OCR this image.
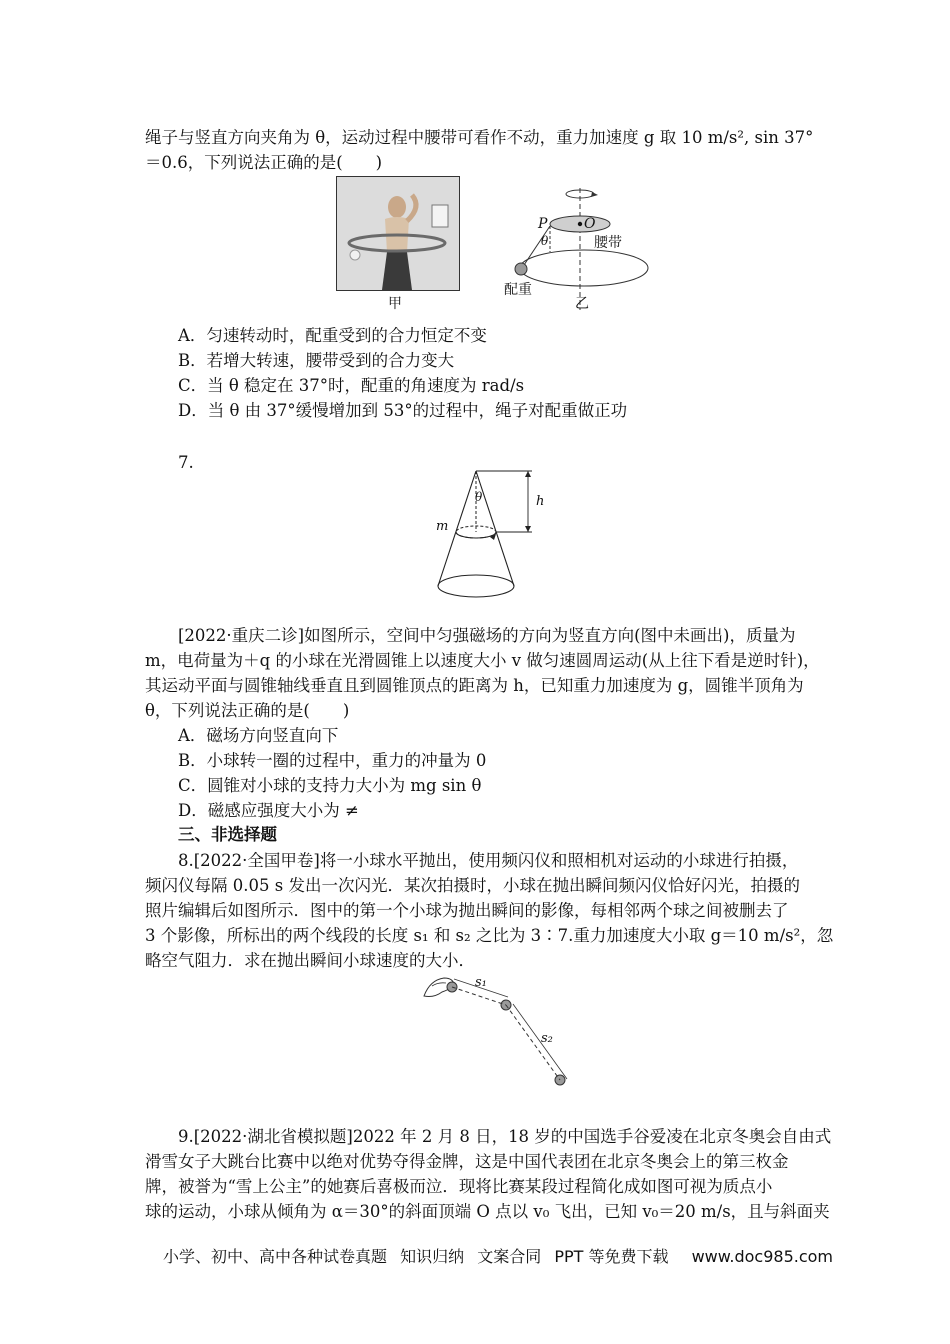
绳子与竖直方向夹角为 θ，运动过程中腰带可看作不动，重力加速度 g 取 10 m/s², sin 37°
＝0.6，下列说法正确的是(　　)
甲
P	O
θ	腰带
配重
乙
A．匀速转动时，配重受到的合力恒定不变
B．若增大转速，腰带受到的合力变大
C．当 θ 稳定在 37°时，配重的角速度为 rad/s
D．当 θ 由 37°缓慢增加到 53°的过程中，绳子对配重做正功
7.
θ	h
m
[2022·重庆二诊]如图所示，空间中匀强磁场的方向为竖直方向(图中未画出)，质量为
m，电荷量为＋q 的小球在光滑圆锥上以速度大小 v 做匀速圆周运动(从上往下看是逆时针)，
其运动平面与圆锥轴线垂直且到圆锥顶点的距离为 h，已知重力加速度为 g，圆锥半顶角为
θ，下列说法正确的是(　　)
A．磁场方向竖直向下
B．小球转一圈的过程中，重力的冲量为 0
C．圆锥对小球的支持力大小为 mg sin θ
D．磁感应强度大小为 ≠
三、非选择题
8.[2022·全国甲卷]将一小球水平抛出，使用频闪仪和照相机对运动的小球进行拍摄，
频闪仪每隔 0.05 s 发出一次闪光．某次拍摄时，小球在抛出瞬间频闪仪恰好闪光，拍摄的
照片编辑后如图所示．图中的第一个小球为抛出瞬间的影像，每相邻两个球之间被删去了
3 个影像，所标出的两个线段的长度 s₁ 和 s₂ 之比为 3∶7.重力加速度大小取 g＝10 m/s²，忽
略空气阻力．求在抛出瞬间小球速度的大小．
s₁
s₂
9.[2022·湖北省模拟题]2022 年 2 月 8 日，18 岁的中国选手谷爱凌在北京冬奥会自由式
滑雪女子大跳台比赛中以绝对优势夺得金牌，这是中国代表团在北京冬奥会上的第三枚金
牌，被誉为“雪上公主”的她赛后喜极而泣．现将比赛某段过程简化成如图可视为质点小
球的运动，小球从倾角为 α＝30°的斜面顶端 O 点以 v₀ 飞出，已知 v₀＝20 m/s，且与斜面夹
小学、初中、高中各种试卷真题 知识归纳 文案合同 PPT 等免费下载 www.doc985.com
